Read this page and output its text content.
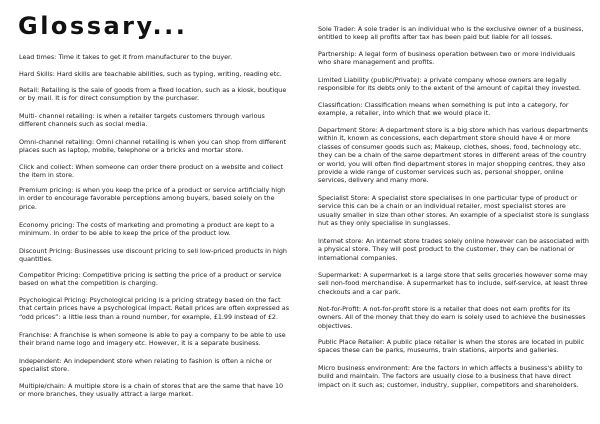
Glossary...

Lead times: Time it takes to get it from manufacturer to the buyer.

Hard Skills: Hard skills are teachable abilities, such as typing, writing, reading etc.

Retail: Retailing is the sale of goods from a fixed location, such as a kiosk, boutique or by mail. It is for direct consumption by the purchaser.

Multi- channel retailing: is when a retailer targets customers through various different channels such as social media.

Omni-channel retailing: Omni channel retailing is when you can shop from different places such as laptop, mobile, telephone or a bricks and mortar store.

Click and collect: When someone can order there product on a website and collect the item in store.

Premium pricing: is when you keep the price of a product or service artificially high in order to encourage favorable perceptions among buyers, based solely on the price.

Economy pricing: The costs of marketing and promoting a product are kept to a minimum. In order to be able to keep the price of the product low.

Discount Pricing: Businesses use discount pricing to sell low-priced products in high quantities.

Competitor Pricing: Competitive pricing is setting the price of a product or service based on what the competition is charging.

Psychological Pricing: Psychological pricing is a pricing strategy based on the fact that certain prices have a psychological impact. Retail prices are often expressed as “odd prices”: a little less than a round number, for example, £1.99 instead of £2.

Franchise: A franchise is when someone is able to pay a company to be able to use their brand name logo and imagery etc. However, it is a separate business.

Independent: An independent store when relating to fashion is often a niche or specialist store.

Multiple/chain: A multiple store is a chain of stores that are the same that have 10 or more branches, they usually attract a large market.

Sole Trader: A sole trader is an individual who is the exclusive owner of a business, entitled to keep all profits after tax has been paid but liable for all losses.

Partnership: A legal form of business operation between two or more individuals who share management and profits.

Limited Liability (public/Private): a private company whose owners are legally responsible for its debts only to the extent of the amount of capital they invested.

Classification: Classification means when something is put into a category, for example, a retailer, into which that we would place it.

Department Store: A department store is a big store which has various departments within it, known as concessions, each department store should have 4 or more classes of consumer goods such as; Makeup, clothes, shoes, food, technology etc. they can be a chain of the same department stores in different areas of the country or world, you will often find department stores in major shopping centres, they also provide a wide range of customer services such as, personal shopper, online services, delivery and many more.

Specialist Store: A specialist store specialises in one particular type of product or service this can be a chain or an individual retailer, most specialist stores are usually smaller in size than other stores. An example of a specialist store is sunglass hut as they only specialise in sunglasses.

Internet store: An internet store trades solely online however can be associated with a physical store. They will post product to the customer, they can be national or international companies.

Supermarket: A supermarket is a large store that sells groceries however some may sell non-food merchandise. A supermarket has to include, self-service, at least three checkouts and a car park.

Not-for-Profit: A not-for-profit store is a retailer that does not earn profits for its owners. All of the money that they do earn is solely used to achieve the businesses objectives.

Public Place Retailer: A public place retailer is when the stores are located in public spaces these can be parks, museums, train stations, airports and galleries.

Micro business environment: Are the factors in which affects a business's ability to build and maintain. The factors are usually close to a business that have direct impact on it such as; customer, industry, supplier, competitors and shareholders.
